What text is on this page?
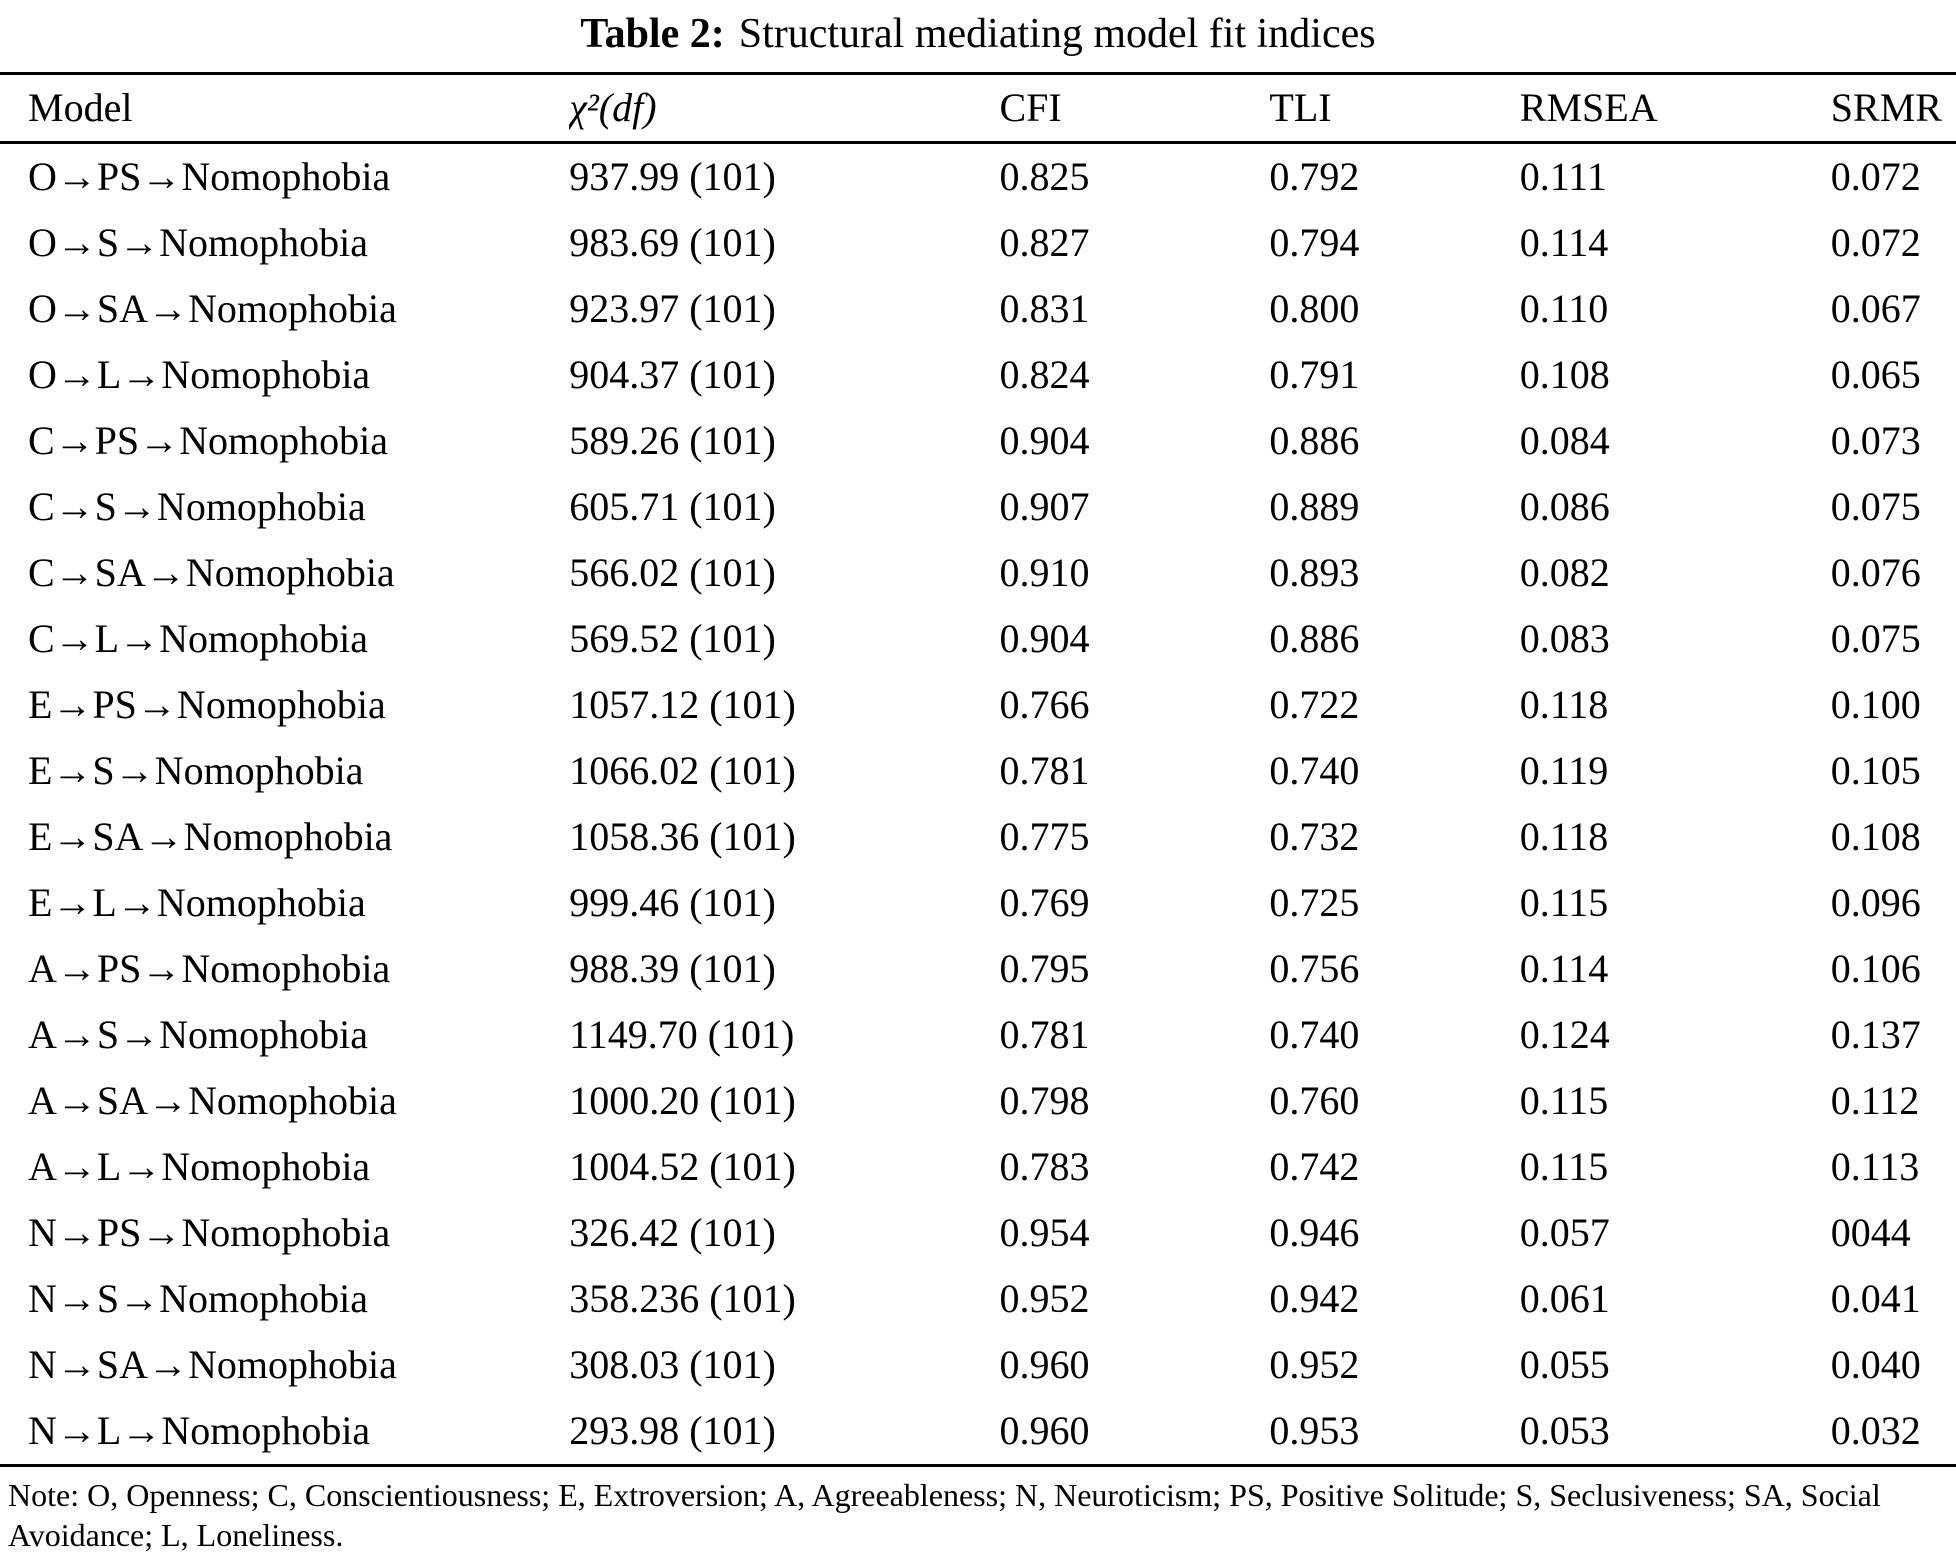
Table 2: Structural mediating model fit indices
Model	χ²(df)	CFI	TLI	RMSEA	SRMR
O→PS→Nomophobia	937.99 (101)	0.825	0.792	0.111	0.072
O→S→Nomophobia	983.69 (101)	0.827	0.794	0.114	0.072
O→SA→Nomophobia	923.97 (101)	0.831	0.800	0.110	0.067
O→L→Nomophobia	904.37 (101)	0.824	0.791	0.108	0.065
C→PS→Nomophobia	589.26 (101)	0.904	0.886	0.084	0.073
C→S→Nomophobia	605.71 (101)	0.907	0.889	0.086	0.075
C→SA→Nomophobia	566.02 (101)	0.910	0.893	0.082	0.076
C→L→Nomophobia	569.52 (101)	0.904	0.886	0.083	0.075
E→PS→Nomophobia	1057.12 (101)	0.766	0.722	0.118	0.100
E→S→Nomophobia	1066.02 (101)	0.781	0.740	0.119	0.105
E→SA→Nomophobia	1058.36 (101)	0.775	0.732	0.118	0.108
E→L→Nomophobia	999.46 (101)	0.769	0.725	0.115	0.096
A→PS→Nomophobia	988.39 (101)	0.795	0.756	0.114	0.106
A→S→Nomophobia	1149.70 (101)	0.781	0.740	0.124	0.137
A→SA→Nomophobia	1000.20 (101)	0.798	0.760	0.115	0.112
A→L→Nomophobia	1004.52 (101)	0.783	0.742	0.115	0.113
N→PS→Nomophobia	326.42 (101)	0.954	0.946	0.057	0044
N→S→Nomophobia	358.236 (101)	0.952	0.942	0.061	0.041
N→SA→Nomophobia	308.03 (101)	0.960	0.952	0.055	0.040
N→L→Nomophobia	293.98 (101)	0.960	0.953	0.053	0.032
Note: O, Openness; C, Conscientiousness; E, Extroversion; A, Agreeableness; N, Neuroticism; PS, Positive Solitude; S, Seclusiveness; SA, Social Avoidance; L, Loneliness.
